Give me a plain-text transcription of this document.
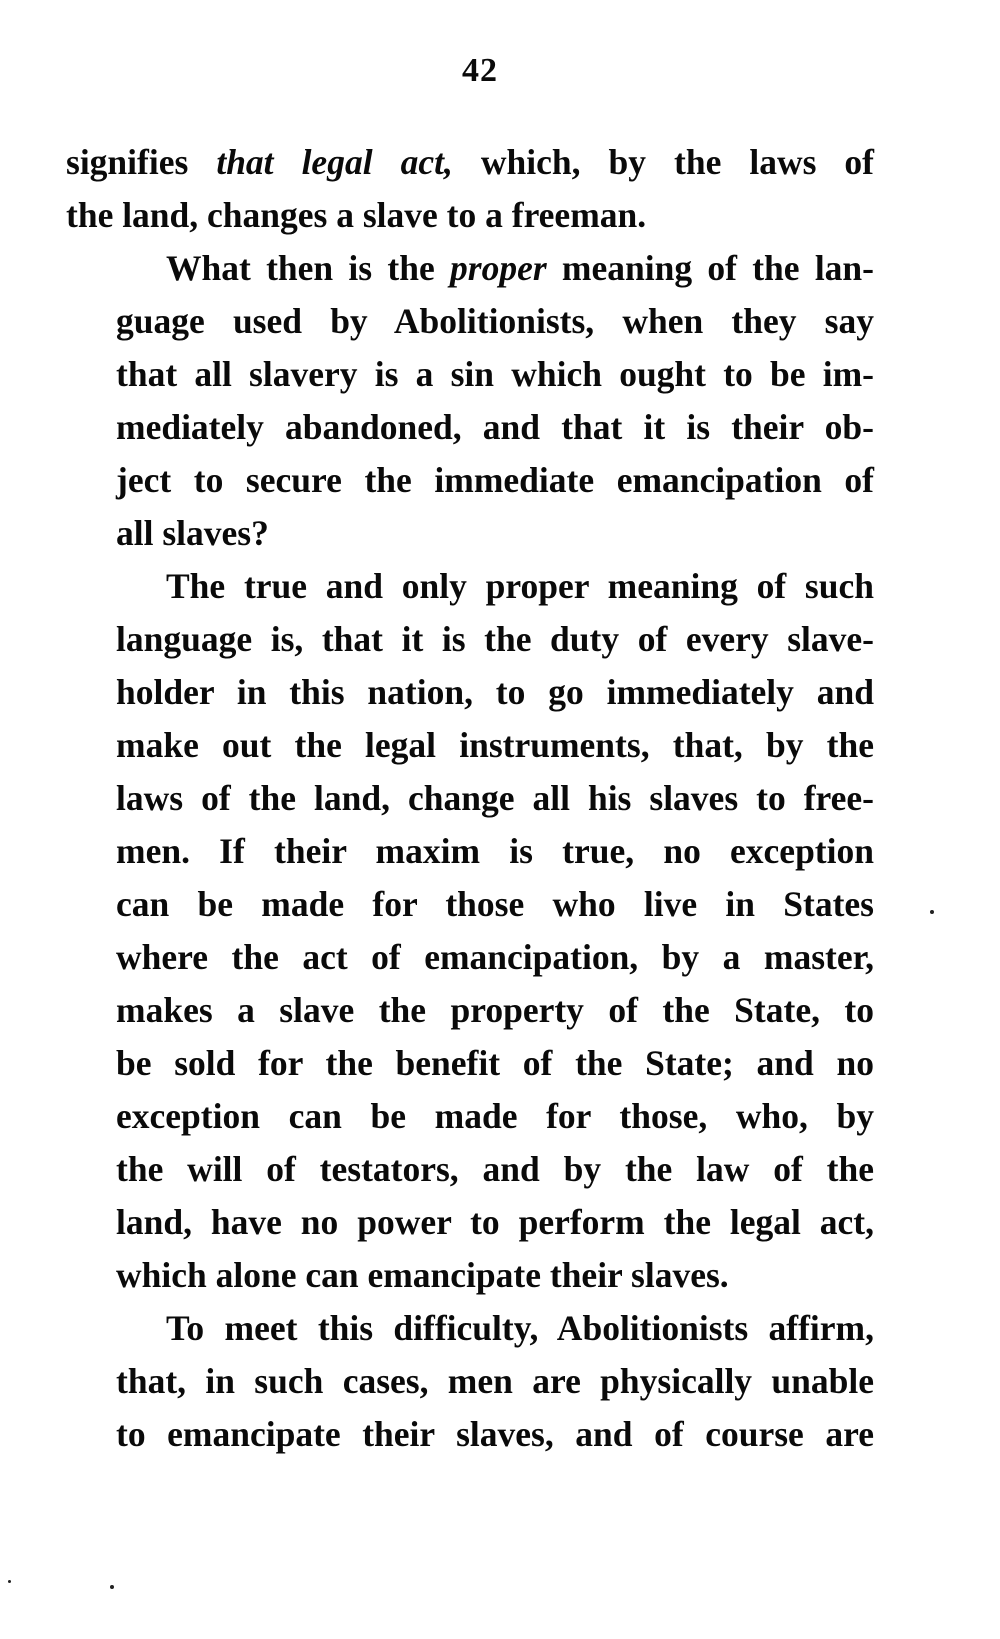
42
signifies that legal act, which, by the laws of
the land, changes a slave to a freeman.
What then is the proper meaning of the lan-
guage used by Abolitionists, when they say
that all slavery is a sin which ought to be im-
mediately abandoned, and that it is their ob-
ject to secure the immediate emancipation of
all slaves?
The true and only proper meaning of such
language is, that it is the duty of every slave-
holder in this nation, to go immediately and
make out the legal instruments, that, by the
laws of the land, change all his slaves to free-
men. If their maxim is true, no exception
can be made for those who live in States
where the act of emancipation, by a master,
makes a slave the property of the State, to
be sold for the benefit of the State; and no
exception can be made for those, who, by
the will of testators, and by the law of the
land, have no power to perform the legal act,
which alone can emancipate their slaves.
To meet this difficulty, Abolitionists affirm,
that, in such cases, men are physically unable
to emancipate their slaves, and of course are
